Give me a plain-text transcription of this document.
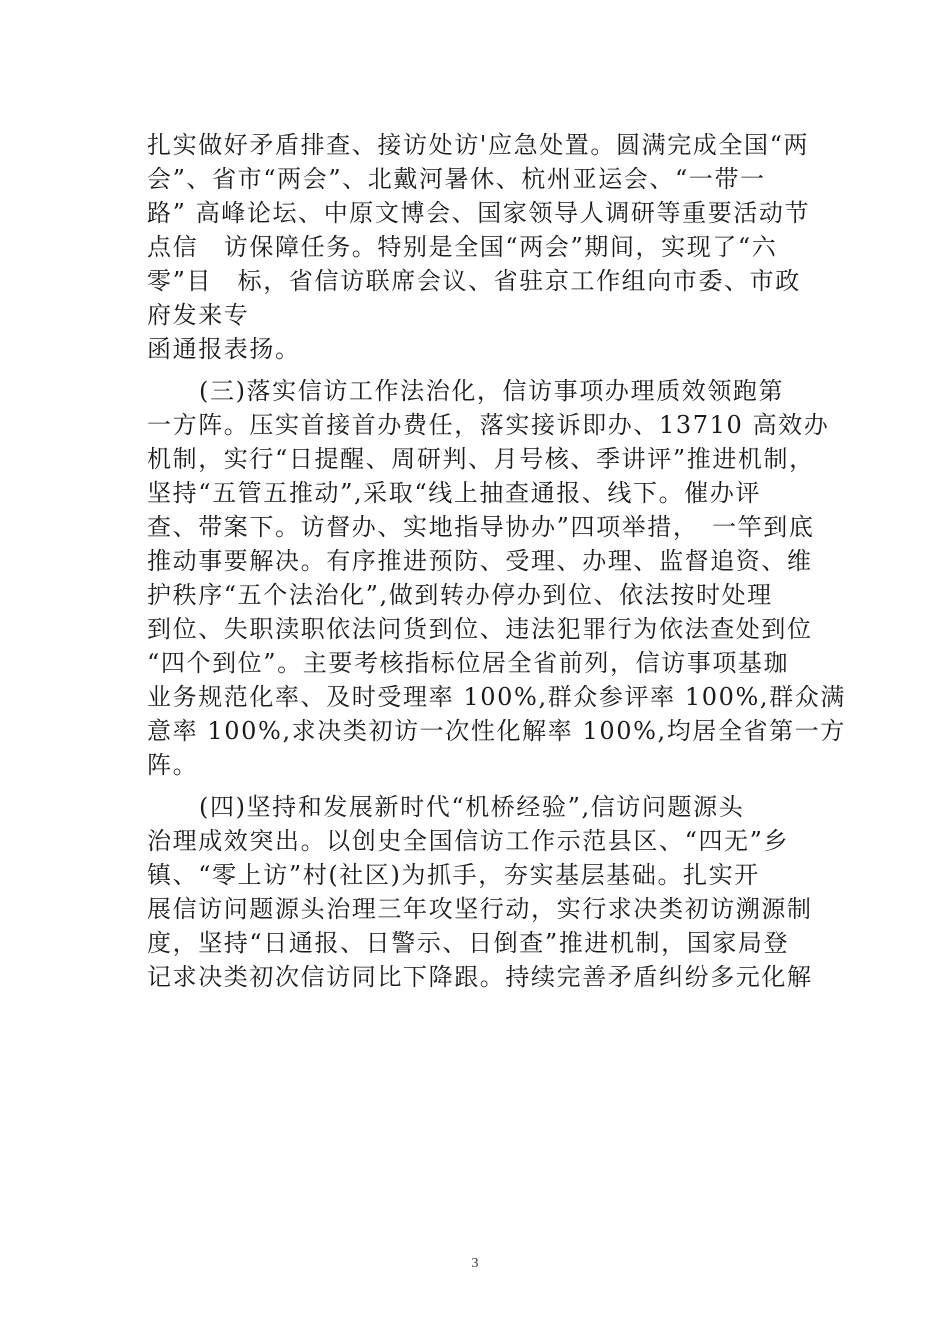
扎实做好矛盾排查、接访处访'应急处置。圆满完成全国“两
会”、省市“两会”、北戴河暑休、杭州亚运会、“一带一
路” 高峰论坛、中原文博会、国家领导人调研等重要活动节
点信　访保障任务。特别是全国“两会”期间，实现了“六
零”目　标，省信访联席会议、省驻京工作组向市委、市政
府发来专
函通报表扬。
(三)落实信访工作法治化，信访事项办理质效领跑第
一方阵。压实首接首办费任，落实接诉即办、13710 高效办
机制，实行“日提醒、周研判、月号核、季讲评”推进机制，
坚持“五管五推动”,采取“线上抽查通报、线下。催办评
查、带案下。访督办、实地指导协办”四项举措，　一竿到底
推动事要解决。有序推进预防、受理、办理、监督追资、维
护秩序“五个法治化”,做到转办停办到位、依法按时处理
到位、失职渎职依法问货到位、违法犯罪行为依法查处到位
“四个到位”。主要考核指标位居全省前列，信访事项基珈
业务规范化率、及时受理率 100%,群众参评率 100%,群众满
意率 100%,求决类初访一次性化解率 100%,均居全省第一方
阵。
(四)坚持和发展新时代“机桥经验”,信访问题源头
治理成效突出。以创史全国信访工作示范县区、“四无”乡
镇、“零上访”村(社区)为抓手，夯实基层基础。扎实开
展信访问题源头治理三年攻坚行动，实行求决类初访溯源制
度，坚持“日通报、日警示、日倒查”推进机制，国家局登
记求决类初次信访同比下降跟。持续完善矛盾纠纷多元化解
3
